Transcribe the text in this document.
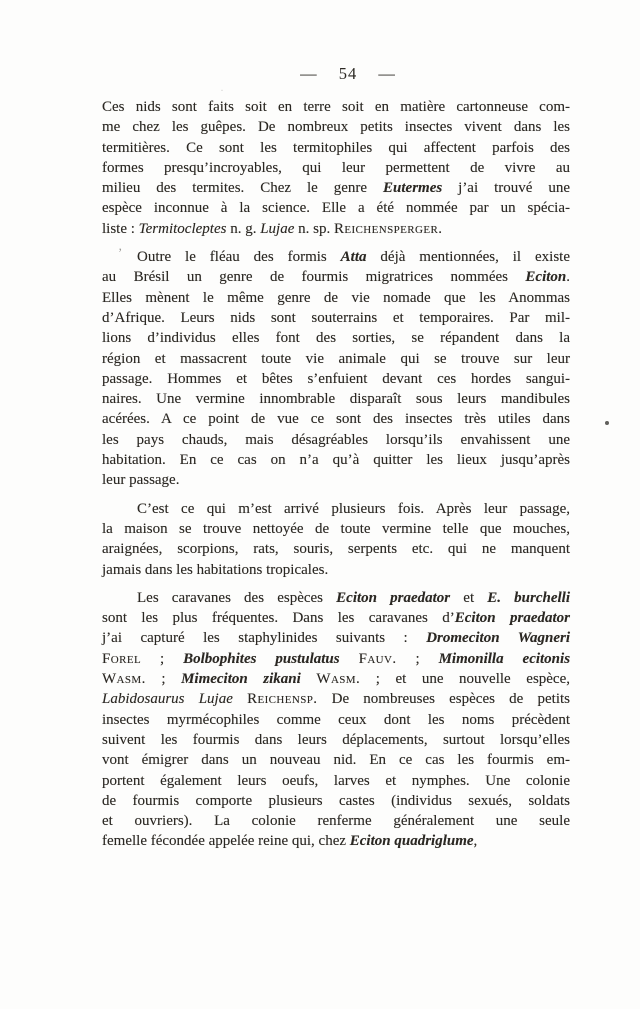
— 54 —
Ces nids sont faits soit en terre soit en matière cartonneuse com-
me chez les guêpes. De nombreux petits insectes vivent dans les
termitières. Ce sont les termitophiles qui affectent parfois des
formes presqu’incroyables, qui leur permettent de vivre au
milieu des termites. Chez le genre Eutermes j’ai trouvé une
espèce inconnue à la science. Elle a été nommée par un spécia-
liste : Termitocleptes n. g. Lujae n. sp. Reichensperger.
Outre le fléau des formis Atta déjà mentionnées, il existe
au Brésil un genre de fourmis migratrices nommées Eciton.
Elles mènent le même genre de vie nomade que les Anommas
d’Afrique. Leurs nids sont souterrains et temporaires. Par mil-
lions d’individus elles font des sorties, se répandent dans la
région et massacrent toute vie animale qui se trouve sur leur
passage. Hommes et bêtes s’enfuient devant ces hordes sangui-
naires. Une vermine innombrable disparaît sous leurs mandibules
acérées. A ce point de vue ce sont des insectes très utiles dans
les pays chauds, mais désagréables lorsqu’ils envahissent une
habitation. En ce cas on n’a qu’à quitter les lieux jusqu’après
leur passage.
C’est ce qui m’est arrivé plusieurs fois. Après leur passage,
la maison se trouve nettoyée de toute vermine telle que mouches,
araignées, scorpions, rats, souris, serpents etc. qui ne manquent
jamais dans les habitations tropicales.
Les caravanes des espèces Eciton praedator et E. burchelli
sont les plus fréquentes. Dans les caravanes d’Eciton praedator
j’ai capturé les staphylinides suivants : Dromeciton Wagneri
Forel ; Bolbophites pustulatus Fauv. ; Mimonilla ecitonis
Wasm. ; Mimeciton zikani Wasm. ; et une nouvelle espèce,
Labidosaurus Lujae Reichensp. De nombreuses espèces de petits
insectes myrmécophiles comme ceux dont les noms précèdent
suivent les fourmis dans leurs déplacements, surtout lorsqu’elles
vont émigrer dans un nouveau nid. En ce cas les fourmis em-
portent également leurs oeufs, larves et nymphes. Une colonie
de fourmis comporte plusieurs castes (individus sexués, soldats
et ouvriers). La colonie renferme généralement une seule
femelle fécondée appelée reine qui, chez Eciton quadriglume,
’
·
